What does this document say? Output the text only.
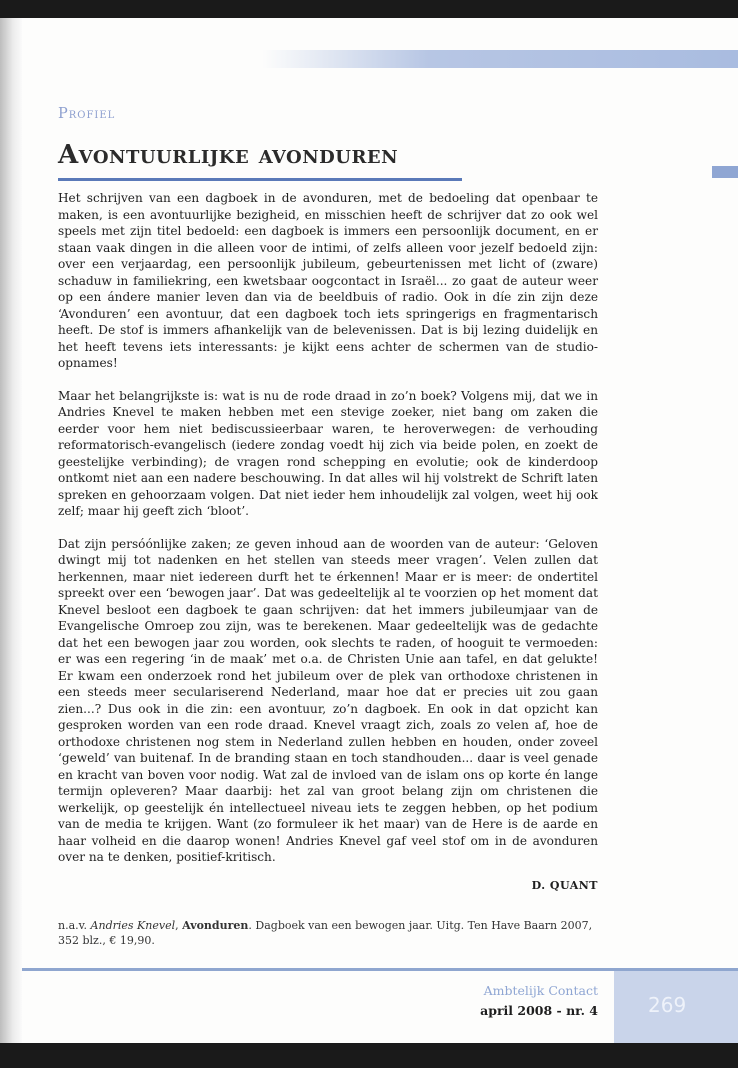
Profiel

Avontuurlijke avonduren

Het schrijven van een dagboek in de avonduren, met de bedoeling dat openbaar te maken, is een avontuurlijke bezigheid, en misschien heeft de schrijver dat zo ook wel speels met zijn titel bedoeld: een dagboek is immers een persoonlijk document, en er staan vaak dingen in die alleen voor de intimi, of zelfs alleen voor jezelf bedoeld zijn: over een verjaardag, een persoonlijk jubileum, gebeurtenissen met licht of (zware) schaduw in familiekring, een kwetsbaar oogcontact in Israël... zo gaat de auteur weer op een ándere manier leven dan via de beeldbuis of radio. Ook in díe zin zijn deze ‘Avonduren’ een avontuur, dat een dagboek toch iets springerigs en fragmentarisch heeft. De stof is immers afhankelijk van de belevenissen. Dat is bij lezing duidelijk en het heeft tevens iets interessants: je kijkt eens achter de schermen van de studio-opnames!

Maar het belangrijkste is: wat is nu de rode draad in zo’n boek? Volgens mij, dat we in Andries Knevel te maken hebben met een stevige zoeker, niet bang om zaken die eerder voor hem niet bediscussieerbaar waren, te heroverwegen: de verhouding reformatorisch-evangelisch (iedere zondag voedt hij zich via beide polen, en zoekt de geestelijke verbinding); de vragen rond schepping en evolutie; ook de kinderdoop ontkomt niet aan een nadere beschouwing. In dat alles wil hij volstrekt de Schrift laten spreken en gehoorzaam volgen. Dat niet ieder hem inhoudelijk zal volgen, weet hij ook zelf; maar hij geeft zich ‘bloot’.

Dat zijn persóónlijke zaken; ze geven inhoud aan de woorden van de auteur: ‘Geloven dwingt mij tot nadenken en het stellen van steeds meer vragen’. Velen zullen dat herkennen, maar niet iedereen durft het te érkennen! Maar er is meer: de ondertitel spreekt over een ‘bewogen jaar’. Dat was gedeeltelijk al te voorzien op het moment dat Knevel besloot een dagboek te gaan schrijven: dat het immers jubileumjaar van de Evangelische Omroep zou zijn, was te berekenen. Maar gedeeltelijk was de gedachte dat het een bewogen jaar zou worden, ook slechts te raden, of hooguit te vermoeden: er was een regering ‘in de maak’ met o.a. de Christen Unie aan tafel, en dat gelukte! Er kwam een onderzoek rond het jubileum over de plek van orthodoxe christenen in een steeds meer seculariserend Nederland, maar hoe dat er precies uit zou gaan zien...? Dus ook in die zin: een avontuur, zo’n dagboek. En ook in dat opzicht kan gesproken worden van een rode draad. Knevel vraagt zich, zoals zo velen af, hoe de orthodoxe christenen nog stem in Nederland zullen hebben en houden, onder zoveel ‘geweld’ van buitenaf. In de branding staan en toch standhouden... daar is veel genade en kracht van boven voor nodig. Wat zal de invloed van de islam ons op korte én lange termijn opleveren? Maar daarbij: het zal van groot belang zijn om christenen die werkelijk, op geestelijk én intellectueel niveau iets te zeggen hebben, op het podium van de media te krijgen. Want (zo formuleer ik het maar) van de Here is de aarde en haar volheid en die daarop wonen! Andries Knevel gaf veel stof om in de avonduren over na te denken, positief-kritisch.

D. QUANT
n.a.v. Andries Knevel, Avonduren. Dagboek van een bewogen jaar. Uitg. Ten Have Baarn 2007, 352 blz., € 19,90.
Ambtelijk Contact
april 2008 - nr. 4	269
